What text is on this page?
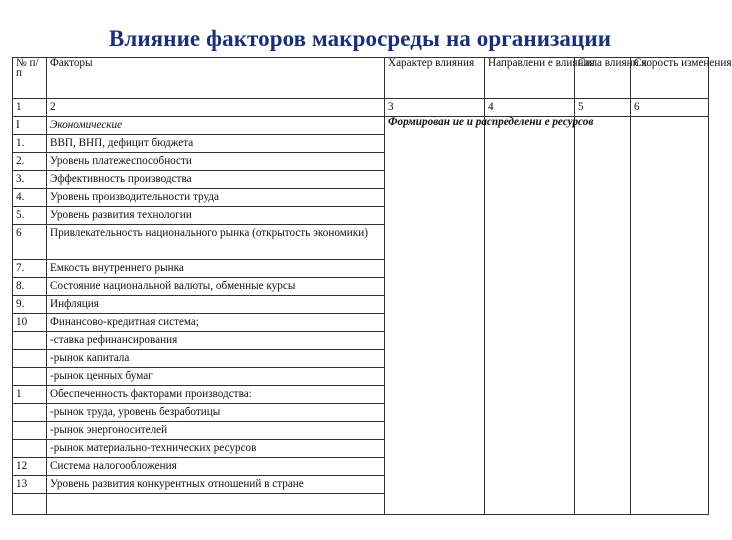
Влияние факторов макросреды на организации
№ п/п	Факторы	Характер влияния	Направлени е влияния	Сила влияни я	Скорость изменения
1	2	3	4	5	6
I	Экономические	Формирован ие и распределени е ресурсов			
1.	ВВП, ВНП, дефицит бюджета				
2.	Уровень платежеспособности				
3.	Эффективность производства				
4.	Уровень производительности труда				
5.	Уровень развития технологии				
6	Привлекательность национального рынка (открытость экономики)				
7.	Емкость внутреннего рынка				
8.	Состояние национальной валюты, обменные курсы				
9.	Инфляция				
10	Финансово-кредитная система;				
	-ставка рефинансирования				
	-рынок капитала				
	-рынок ценных бумаг				
1	Обеспеченность факторами производства:				
	-рынок труда, уровень безработицы				
	-рынок энергоносителей				
	-рынок материально-технических ресурсов				
12	Система налогообложения				
13	Уровень развития конкурентных отношений в стране				
